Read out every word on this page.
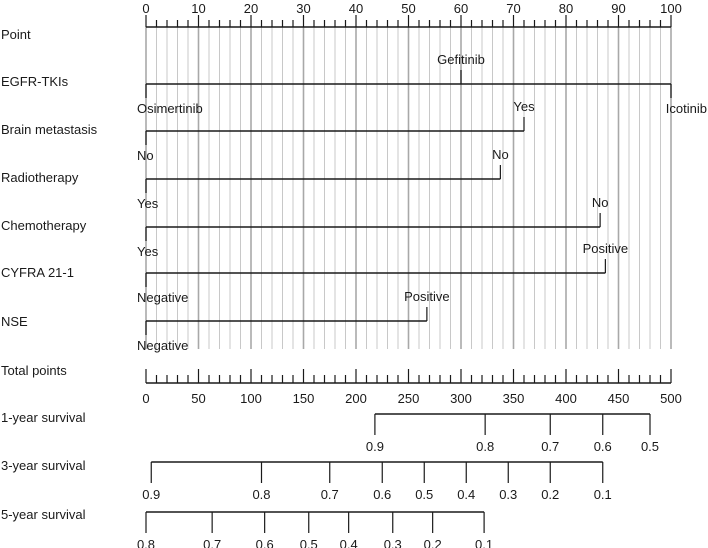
Point
0	10	20	30	40	50	60	70	80	90	100
EGFR-TKIs
Osimertinib
Gefitinib
Icotinib
Brain metastasis
No
Yes
Radiotherapy
Yes
No
Chemotherapy
Yes
No
CYFRA 21-1
Negative
Positive
NSE
Negative
Positive
Total points
0	50	100 150 200 250 300 350 400 450 500
1-year survival
0.9	0.8	0.7	0.6 0.5
3-year survival
0.9	0.8	0.7	0.6 0.5 0.4 0.3 0.2	0.1
5-year survival
0.8	0.7	0.6 0.5 0.4 0.3 0.2	0.1
